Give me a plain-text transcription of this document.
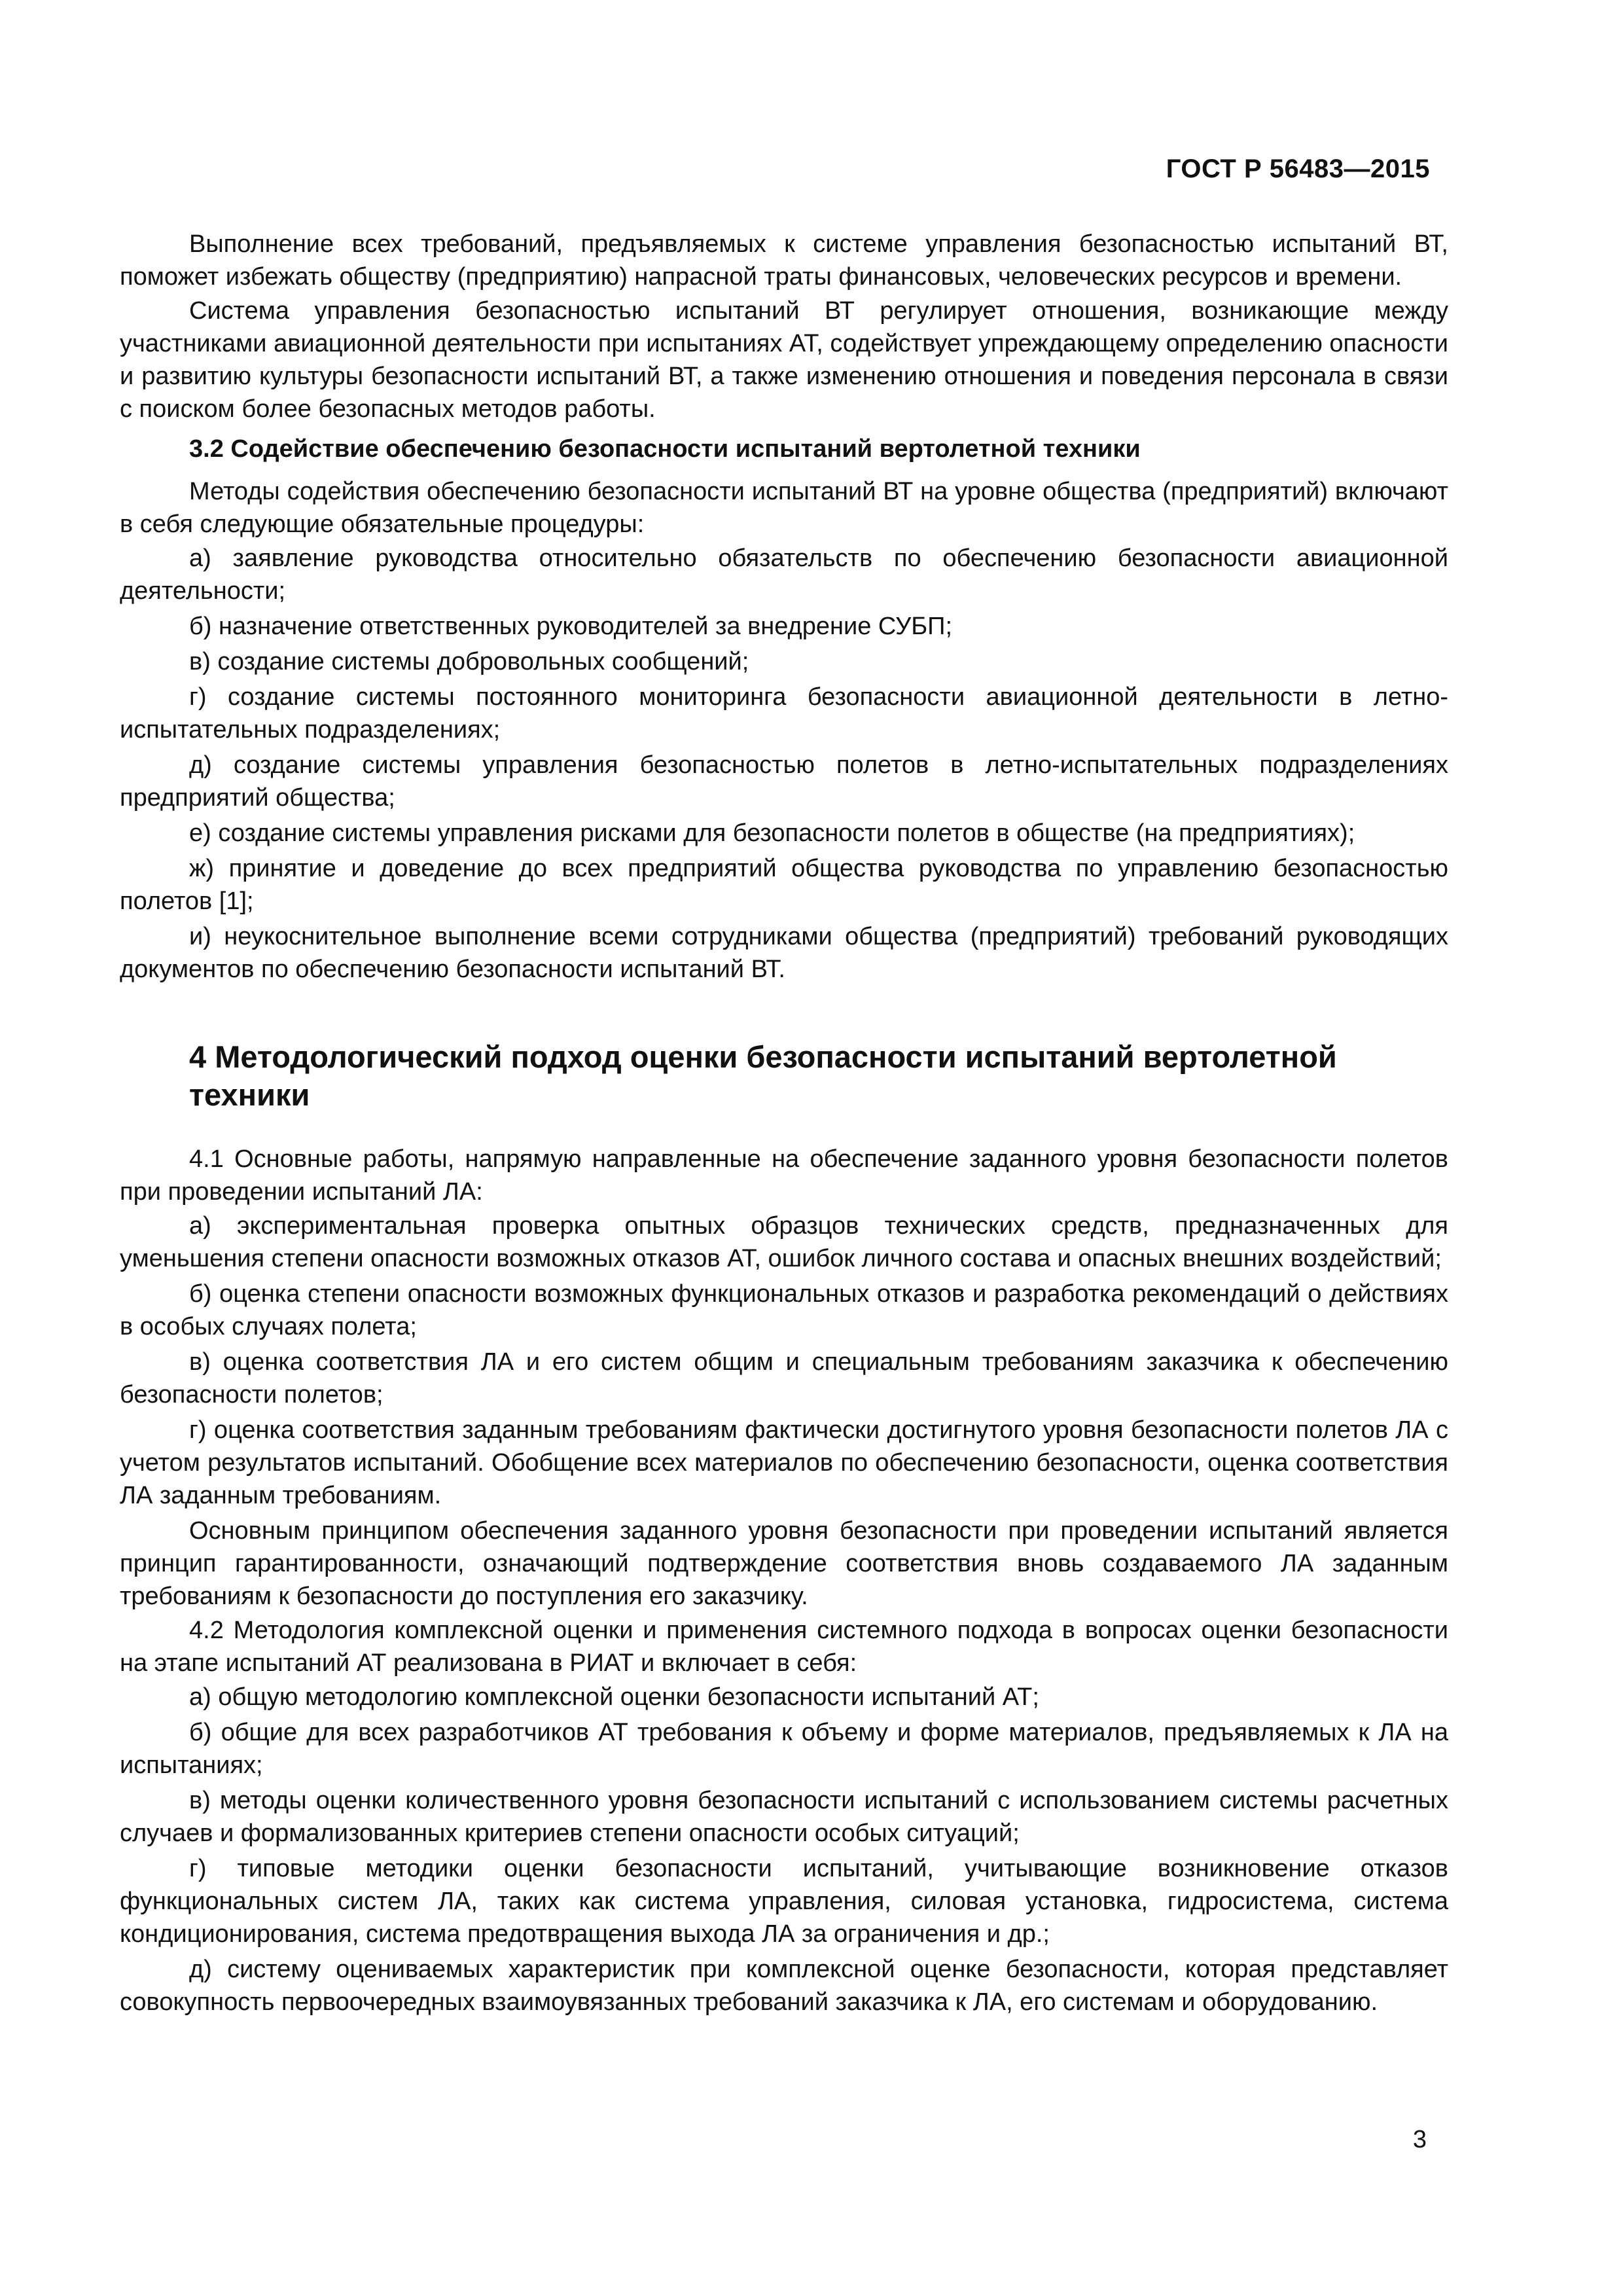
ГОСТ Р 56483—2015

Выполнение всех требований, предъявляемых к системе управления безопасностью испытаний ВТ, поможет избежать обществу (предприятию) напрасной траты финансовых, человеческих ресурсов и времени.

Система управления безопасностью испытаний ВТ регулирует отношения, возникающие между участниками авиационной деятельности при испытаниях АТ, содействует упреждающему определению опасности и развитию культуры безопасности испытаний ВТ, а также изменению отношения и поведения персонала в связи с поиском более безопасных методов работы.

3.2 Содействие обеспечению безопасности испытаний вертолетной техники

Методы содействия обеспечению безопасности испытаний ВТ на уровне общества (предприятий) включают в себя следующие обязательные процедуры:

а) заявление руководства относительно обязательств по обеспечению безопасности авиационной деятельности;

б) назначение ответственных руководителей за внедрение СУБП;

в) создание системы добровольных сообщений;

г) создание системы постоянного мониторинга безопасности авиационной деятельности в летно-испытательных подразделениях;

д) создание системы управления безопасностью полетов в летно-испытательных подразделениях предприятий общества;

е) создание системы управления рисками для безопасности полетов в обществе (на предприятиях);

ж) принятие и доведение до всех предприятий общества руководства по управлению безопасностью полетов [1];

и) неукоснительное выполнение всеми сотрудниками общества (предприятий) требований руководящих документов по обеспечению безопасности испытаний ВТ.

4 Методологический подход оценки безопасности испытаний вертолетной техники

4.1 Основные работы, напрямую направленные на обеспечение заданного уровня безопасности полетов при проведении испытаний ЛА:

а) экспериментальная проверка опытных образцов технических средств, предназначенных для уменьшения степени опасности возможных отказов АТ, ошибок личного состава и опасных внешних воздействий;

б) оценка степени опасности возможных функциональных отказов и разработка рекомендаций о действиях в особых случаях полета;

в) оценка соответствия ЛА и его систем общим и специальным требованиям заказчика к обеспечению безопасности полетов;

г) оценка соответствия заданным требованиям фактически достигнутого уровня безопасности полетов ЛА с учетом результатов испытаний. Обобщение всех материалов по обеспечению безопасности, оценка соответствия ЛА заданным требованиям.

Основным принципом обеспечения заданного уровня безопасности при проведении испытаний является принцип гарантированности, означающий подтверждение соответствия вновь создаваемого ЛА заданным требованиям к безопасности до поступления его заказчику.

4.2 Методология комплексной оценки и применения системного подхода в вопросах оценки безопасности на этапе испытаний АТ реализована в РИАТ и включает в себя:

а) общую методологию комплексной оценки безопасности испытаний АТ;

б) общие для всех разработчиков АТ требования к объему и форме материалов, предъявляемых к ЛА на испытаниях;

в) методы оценки количественного уровня безопасности испытаний с использованием системы расчетных случаев и формализованных критериев степени опасности особых ситуаций;

г) типовые методики оценки безопасности испытаний, учитывающие возникновение отказов функциональных систем ЛА, таких как система управления, силовая установка, гидросистема, система кондиционирования, система предотвращения выхода ЛА за ограничения и др.;

д) систему оцениваемых характеристик при комплексной оценке безопасности, которая представляет совокупность первоочередных взаимоувязанных требований заказчика к ЛА, его системам и оборудованию.

3
